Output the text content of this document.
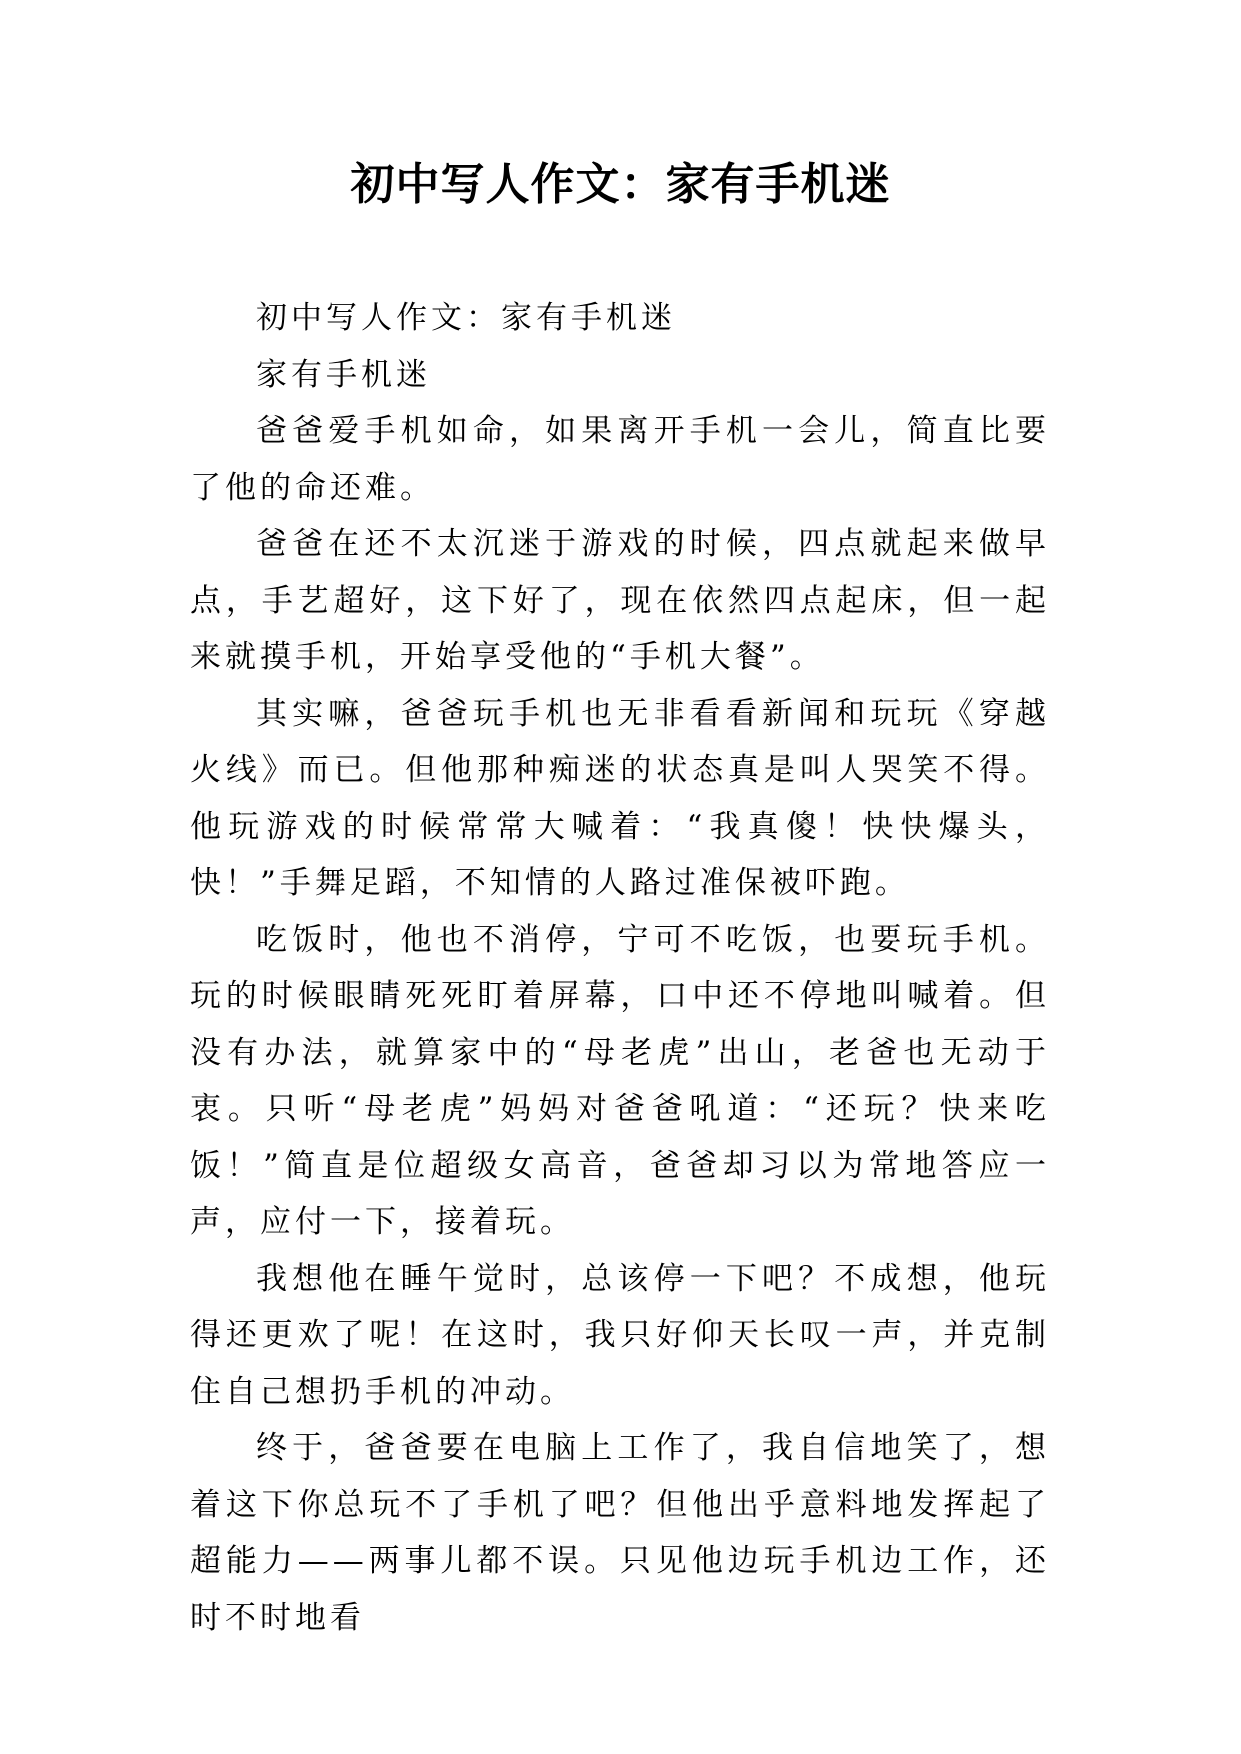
初中写人作文：家有手机迷

初中写人作文：家有手机迷

家有手机迷

爸爸爱手机如命，如果离开手机一会儿，简直比要了他的命还难。

爸爸在还不太沉迷于游戏的时候，四点就起来做早点，手艺超好，这下好了，现在依然四点起床，但一起来就摸手机，开始享受他的“手机大餐”。

其实嘛，爸爸玩手机也无非看看新闻和玩玩《穿越火线》而已。但他那种痴迷的状态真是叫人哭笑不得。他玩游戏的时候常常大喊着：“我真傻！快快爆头，快！”手舞足蹈，不知情的人路过准保被吓跑。

吃饭时，他也不消停，宁可不吃饭，也要玩手机。玩的时候眼睛死死盯着屏幕，口中还不停地叫喊着。但没有办法，就算家中的“母老虎”出山，老爸也无动于衷。只听“母老虎”妈妈对爸爸吼道：“还玩？快来吃饭！”简直是位超级女高音，爸爸却习以为常地答应一声，应付一下，接着玩。

我想他在睡午觉时，总该停一下吧？不成想，他玩得还更欢了呢！在这时，我只好仰天长叹一声，并克制住自己想扔手机的冲动。

终于，爸爸要在电脑上工作了，我自信地笑了，想着这下你总玩不了手机了吧？但他出乎意料地发挥起了超能力——两事儿都不误。只见他边玩手机边工作，还时不时地看
